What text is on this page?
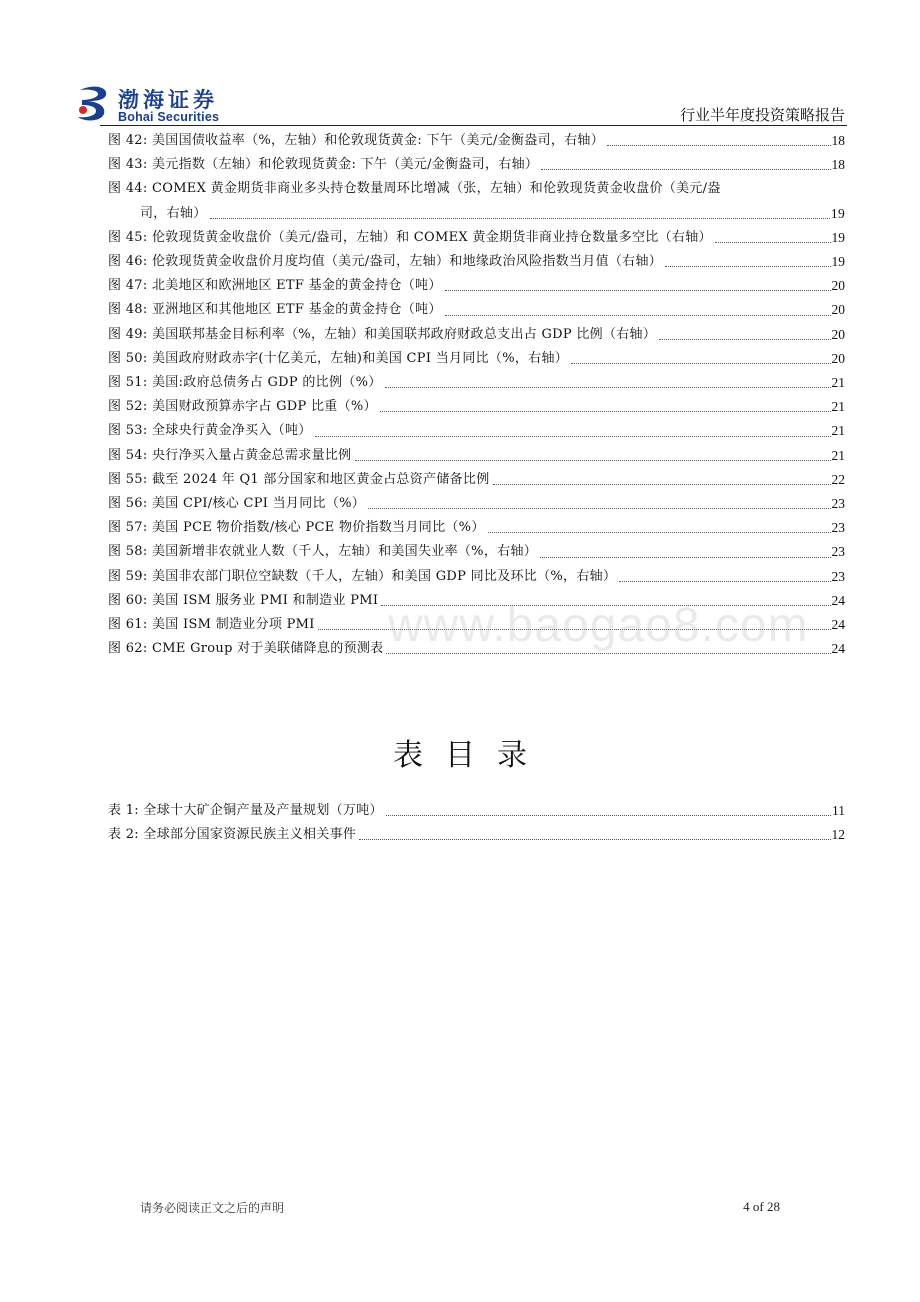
渤海证券
Bohai Securities	行业半年度投资策略报告
图 42: 美国国债收益率（%，左轴）和伦敦现货黄金: 下午（美元/金衡盎司，右轴）	18
图 43: 美元指数（左轴）和伦敦现货黄金: 下午（美元/金衡盎司，右轴）	18
图 44: COMEX 黄金期货非商业多头持仓数量周环比增减（张，左轴）和伦敦现货黄金收盘价（美元/盎
司，右轴）	19
图 45: 伦敦现货黄金收盘价（美元/盎司，左轴）和 COMEX 黄金期货非商业持仓数量多空比（右轴）	19
图 46: 伦敦现货黄金收盘价月度均值（美元/盎司，左轴）和地缘政治风险指数当月值（右轴）	19
图 47: 北美地区和欧洲地区 ETF 基金的黄金持仓（吨）	20
图 48: 亚洲地区和其他地区 ETF 基金的黄金持仓（吨）	20
图 49: 美国联邦基金目标利率（%，左轴）和美国联邦政府财政总支出占 GDP 比例（右轴）	20
图 50: 美国政府财政赤字(十亿美元，左轴)和美国 CPI 当月同比（%，右轴）	20
图 51: 美国:政府总债务占 GDP 的比例（%）	21
图 52: 美国财政预算赤字占 GDP 比重（%）	21
图 53: 全球央行黄金净买入（吨）	21
图 54: 央行净买入量占黄金总需求量比例	21
图 55: 截至 2024 年 Q1 部分国家和地区黄金占总资产储备比例	22
图 56: 美国 CPI/核心 CPI 当月同比（%）	23
图 57: 美国 PCE 物价指数/核心 PCE 物价指数当月同比（%）	23
图 58: 美国新增非农就业人数（千人，左轴）和美国失业率（%，右轴）	23
图 59: 美国非农部门职位空缺数（千人，左轴）和美国 GDP 同比及环比（%，右轴）	23
图 60: 美国 ISM 服务业 PMI 和制造业 PMI	24
图 61: 美国 ISM 制造业分项 PMI	24
图 62: CME Group 对于美联储降息的预测表	24
www.baogao8.com
表目录
表 1: 全球十大矿企铜产量及产量规划（万吨）	11
表 2: 全球部分国家资源民族主义相关事件	12
请务必阅读正文之后的声明	4 of 28
